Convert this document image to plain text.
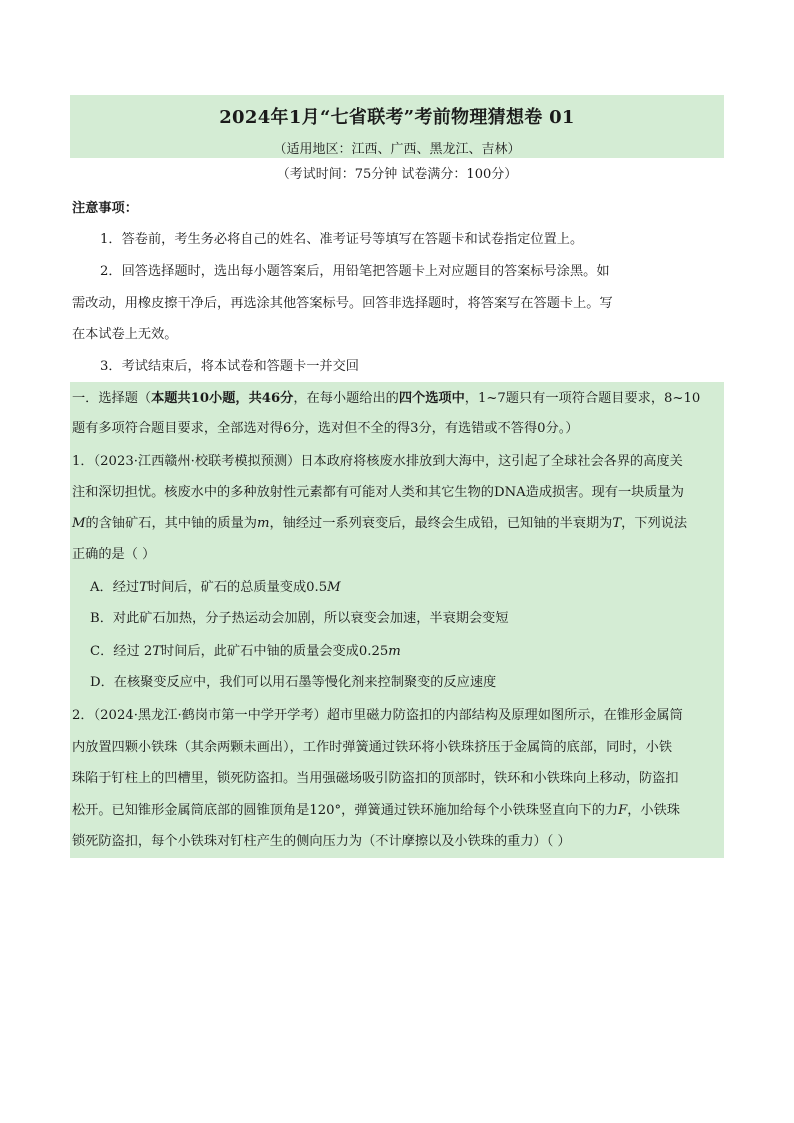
2024年1月“七省联考”考前物理猜想卷 01
（适用地区：江西、广西、黑龙江、吉林）
（考试时间：75分钟 试卷满分：100分）
注意事项：
1．答卷前，考生务必将自己的姓名、准考证号等填写在答题卡和试卷指定位置上。
2．回答选择题时，选出每小题答案后，用铅笔把答题卡上对应题目的答案标号涂黑。如
需改动，用橡皮擦干净后，再选涂其他答案标号。回答非选择题时，将答案写在答题卡上。写
在本试卷上无效。
3．考试结束后，将本试卷和答题卡一并交回
一．选择题（本题共10小题，共46分，在每小题给出的四个选项中，1~7题只有一项符合题目要求，8~10
题有多项符合题目要求，全部选对得6分，选对但不全的得3分，有选错或不答得0分。）
1．（2023·江西赣州·校联考模拟预测）日本政府将核废水排放到大海中，这引起了全球社会各界的高度关
注和深切担忧。核废水中的多种放射性元素都有可能对人类和其它生物的DNA造成损害。现有一块质量为
M的含铀矿石，其中铀的质量为m，铀经过一系列衰变后，最终会生成铅，已知铀的半衰期为T，下列说法
正确的是（ ）
A．经过T时间后，矿石的总质量变成0.5M
B．对此矿石加热，分子热运动会加剧，所以衰变会加速，半衰期会变短
C．经过 2T时间后，此矿石中铀的质量会变成0.25m
D．在核聚变反应中，我们可以用石墨等慢化剂来控制聚变的反应速度
2．（2024·黑龙江·鹤岗市第一中学开学考）超市里磁力防盗扣的内部结构及原理如图所示，在锥形金属筒
内放置四颗小铁珠（其余两颗未画出），工作时弹簧通过铁环将小铁珠挤压于金属筒的底部，同时，小铁
珠陷于钉柱上的凹槽里，锁死防盗扣。当用强磁场吸引防盗扣的顶部时，铁环和小铁珠向上移动，防盗扣
松开。已知锥形金属筒底部的圆锥顶角是120°，弹簧通过铁环施加给每个小铁珠竖直向下的力F，小铁珠
锁死防盗扣，每个小铁珠对钉柱产生的侧向压力为（不计摩擦以及小铁珠的重力）（ ）
